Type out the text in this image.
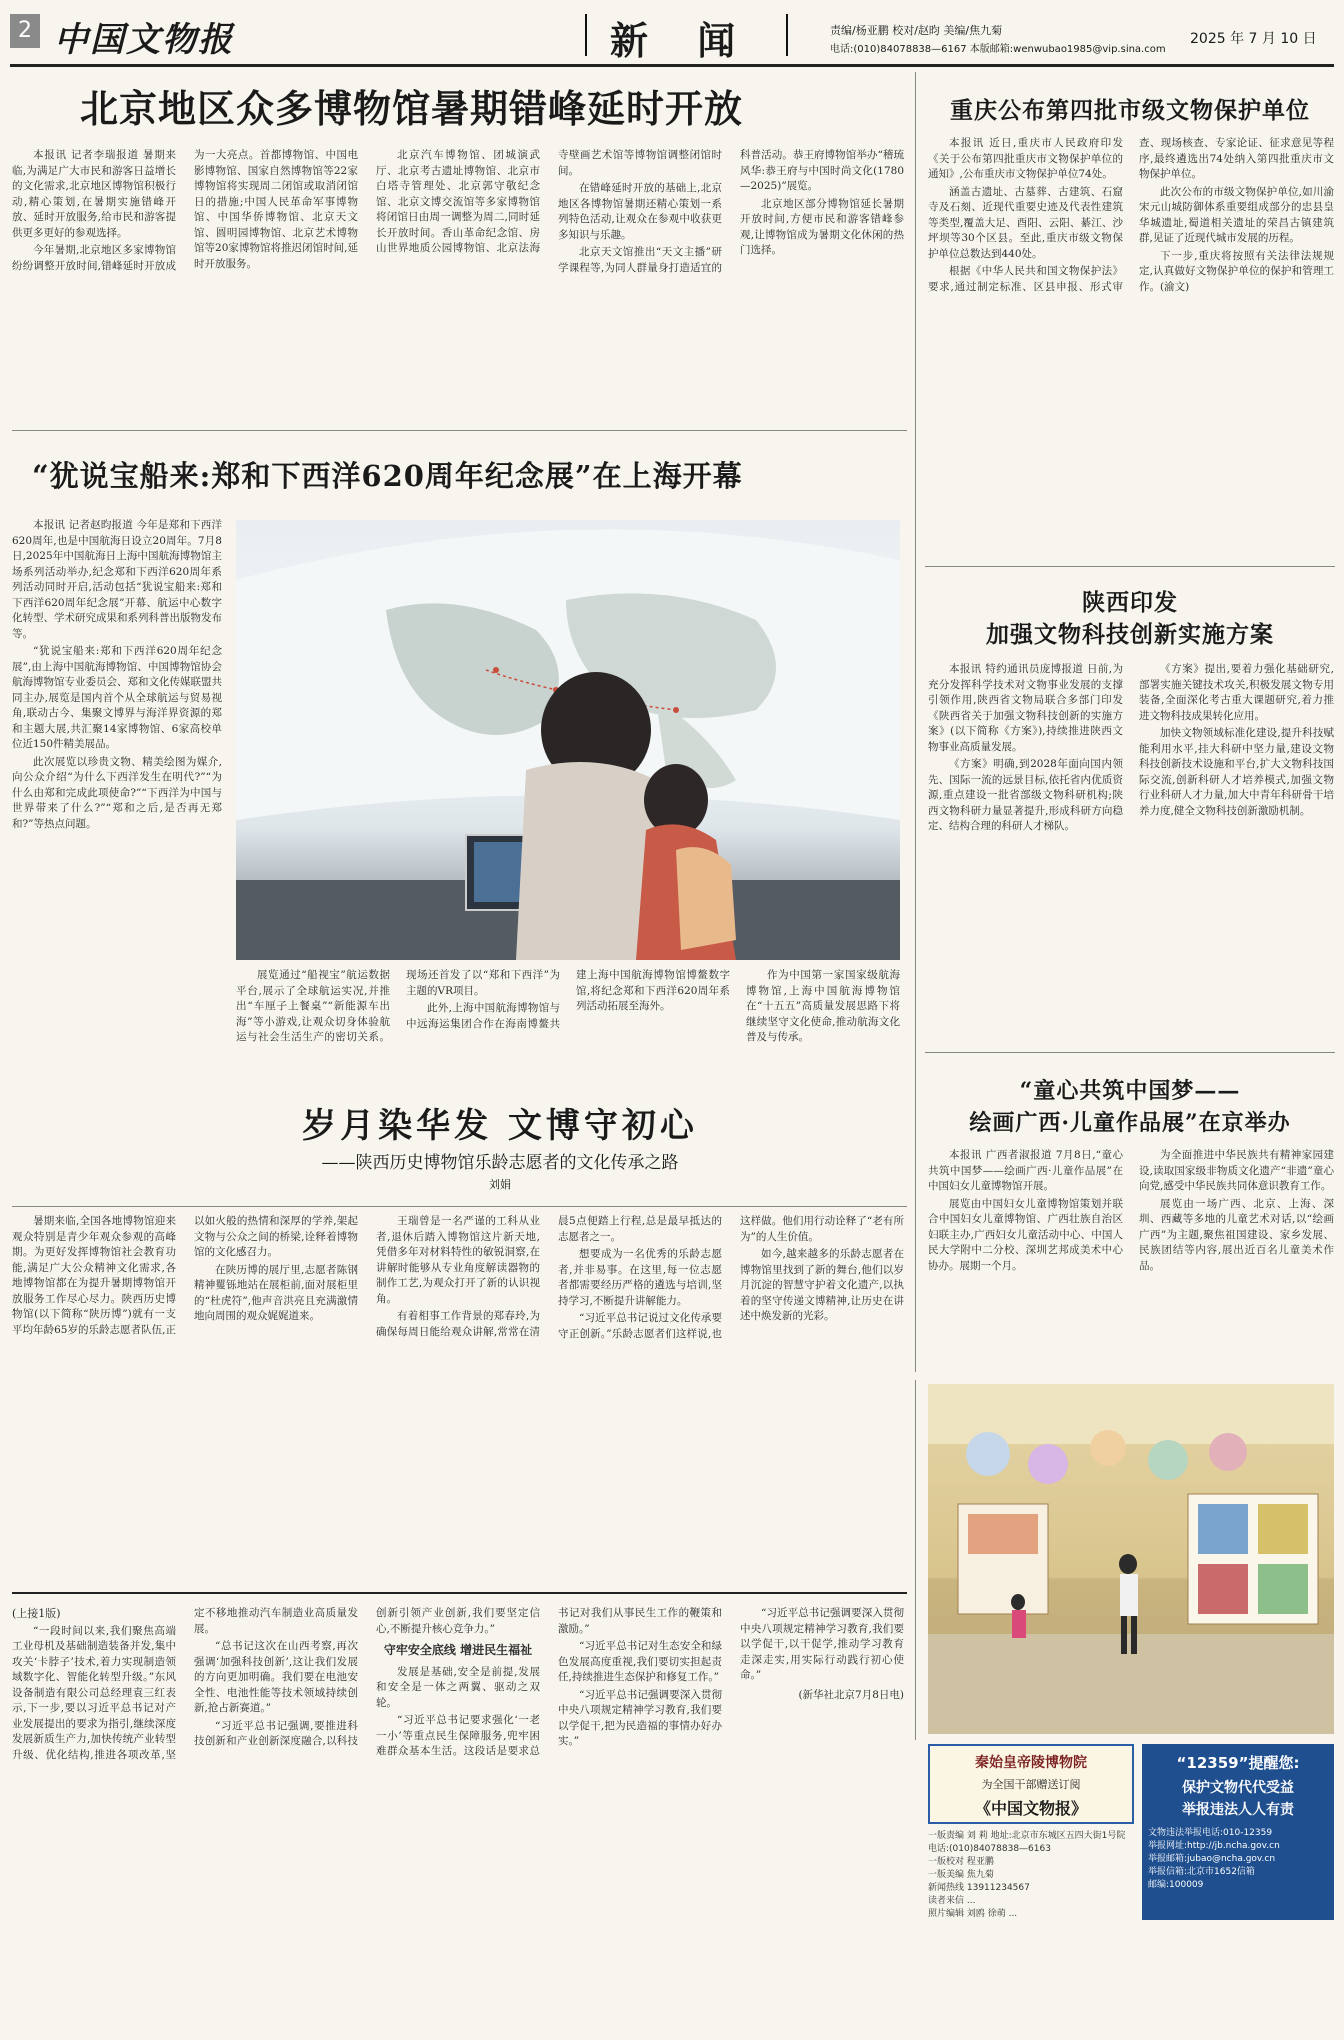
2 中国文物报	新 闻	责编/杨亚鹏 校对/赵昀 美编/焦九菊
电话:(010)84078838—6167 本版邮箱:wenwubao1985@vip.sina.com
2025 年 7 月 10 日
北京地区众多博物馆暑期错峰延时开放

本报讯 记者李瑞报道 暑期来临,为满足广大市民和游客日益增长的文化需求,北京地区博物馆积极行动,精心策划,在暑期实施错峰开放、延时开放服务,给市民和游客提供更多更好的参观选择。

今年暑期,北京地区多家博物馆纷纷调整开放时间,错峰延时开放成为一大亮点。首都博物馆、中国电影博物馆、国家自然博物馆等22家博物馆将实现周二闭馆或取消闭馆日的措施;中国人民革命军事博物馆、中国华侨博物馆、北京天文馆、圆明园博物馆、北京艺术博物馆等20家博物馆将推迟闭馆时间,延时开放服务。

北京汽车博物馆、团城演武厅、北京考古遗址博物馆、北京市白塔寺管理处、北京郭守敬纪念馆、北京文博交流馆等多家博物馆将闭馆日由周一调整为周二,同时延长开放时间。香山革命纪念馆、房山世界地质公园博物馆、北京法海寺壁画艺术馆等博物馆调整闭馆时间。

在错峰延时开放的基础上,北京地区各博物馆暑期还精心策划一系列特色活动,让观众在参观中收获更多知识与乐趣。

北京天文馆推出“天文主播”研学课程等,为同人群量身打造适宜的科普活动。恭王府博物馆举办“稽琉风华:恭王府与中国时尚文化(1780—2025)”展览。

北京地区部分博物馆延长暑期开放时间,方便市民和游客错峰参观,让博物馆成为暑期文化休闲的热门选择。

重庆公布第四批市级文物保护单位

本报讯 近日,重庆市人民政府印发《关于公布第四批重庆市文物保护单位的通知》,公布重庆市文物保护单位74处。

涵盖古遗址、古墓葬、古建筑、石窟寺及石刻、近现代重要史迹及代表性建筑等类型,覆盖大足、酉阳、云阳、綦江、沙坪坝等30个区县。至此,重庆市级文物保护单位总数达到440处。

根据《中华人民共和国文物保护法》要求,通过制定标准、区县申报、形式审查、现场核查、专家论证、征求意见等程序,最终遴选出74处纳入第四批重庆市文物保护单位。

此次公布的市级文物保护单位,如川渝宋元山城防御体系重要组成部分的忠县皇华城遗址,蜀道相关遗址的荣昌古镇建筑群,见证了近现代城市发展的历程。

下一步,重庆将按照有关法律法规规定,认真做好文物保护单位的保护和管理工作。(渝文)

“犹说宝船来:郑和下西洋620周年纪念展”在上海开幕

本报讯 记者赵昀报道 今年是郑和下西洋620周年,也是中国航海日设立20周年。7月8日,2025年中国航海日上海中国航海博物馆主场系列活动举办,纪念郑和下西洋620周年系列活动同时开启,活动包括“犹说宝船来:郑和下西洋620周年纪念展”开幕、航运中心数字化转型、学术研究成果和系列科普出版物发布等。

“犹说宝船来:郑和下西洋620周年纪念展”,由上海中国航海博物馆、中国博物馆协会航海博物馆专业委员会、郑和文化传媒联盟共同主办,展览是国内首个从全球航运与贸易视角,联动古今、集聚文博界与海洋界资源的郑和主题大展,共汇聚14家博物馆、6家高校单位近150件精美展品。

此次展览以珍贵文物、精美绘图为媒介,向公众介绍“为什么下西洋发生在明代?”“为什么由郑和完成此项使命?”“下西洋为中国与世界带来了什么?”“郑和之后,是否再无郑和?”等热点问题。

展览通过“船视宝”航运数据平台,展示了全球航运实况,并推出“车厘子上餐桌”“新能源车出海”等小游戏,让观众切身体验航运与社会生活生产的密切关系。现场还首发了以“郑和下西洋”为主题的VR项目。

此外,上海中国航海博物馆与中远海运集团合作在海南博鳌共建上海中国航海博物馆博鳌数字馆,将纪念郑和下西洋620周年系列活动拓展至海外。

作为中国第一家国家级航海博物馆,上海中国航海博物馆在“十五五”高质量发展思路下将继续坚守文化使命,推动航海文化普及与传承。

陕西印发
加强文物科技创新实施方案

本报讯 特约通讯员庞博报道 日前,为充分发挥科学技术对文物事业发展的支撑引领作用,陕西省文物局联合多部门印发《陕西省关于加强文物科技创新的实施方案》(以下简称《方案》),持续推进陕西文物事业高质量发展。

《方案》明确,到2028年面向国内领先、国际一流的远景目标,依托省内优质资源,重点建设一批省部级文物科研机构;陕西文物科研力量显著提升,形成科研方向稳定、结构合理的科研人才梯队。

《方案》提出,要着力强化基础研究,部署实施关键技术攻关,积极发展文物专用装备,全面深化考古重大课题研究,着力推进文物科技成果转化应用。

加快文物领域标准化建设,提升科技赋能利用水平,挂大科研中坚力量,建设文物科技创新技术设施和平台,扩大文物科技国际交流,创新科研人才培养模式,加强文物行业科研人才力量,加大中青年科研骨干培养力度,健全文物科技创新激励机制。

岁月染华发 文博守初心
——陕西历史博物馆乐龄志愿者的文化传承之路
刘娟

暑期来临,全国各地博物馆迎来观众特别是青少年观众参观的高峰期。为更好发挥博物馆社会教育功能,满足广大公众精神文化需求,各地博物馆都在为提升暑期博物馆开放服务工作尽心尽力。陕西历史博物馆(以下简称“陕历博”)就有一支平均年龄65岁的乐龄志愿者队伍,正以如火般的热情和深厚的学养,架起文物与公众之间的桥梁,诠释着博物馆的文化感召力。

在陕历博的展厅里,志愿者陈钢精神矍铄地站在展柜前,面对展柜里的“杜虎符”,他声音洪亮且充满激情地向周围的观众娓娓道来。

王瑞曾是一名严谨的工科从业者,退休后踏入博物馆这片新天地,凭借多年对材料特性的敏锐洞察,在讲解时能够从专业角度解读器物的制作工艺,为观众打开了新的认识视角。

有着相事工作背景的郑春玲,为确保每周日能给观众讲解,常常在清晨5点便踏上行程,总是最早抵达的志愿者之一。

想要成为一名优秀的乐龄志愿者,并非易事。在这里,每一位志愿者都需要经历严格的遴选与培训,坚持学习,不断提升讲解能力。

“习近平总书记说过文化传承要守正创新。”乐龄志愿者们这样说,也这样做。他们用行动诠释了“老有所为”的人生价值。

如今,越来越多的乐龄志愿者在博物馆里找到了新的舞台,他们以岁月沉淀的智慧守护着文化遗产,以执着的坚守传递文博精神,让历史在讲述中焕发新的光彩。

“童心共筑中国梦——
绘画广西·儿童作品展”在京举办

本报讯 广西者淑报道 7月8日,“童心共筑中国梦——绘画广西·儿童作品展”在中国妇女儿童博物馆开展。

展览由中国妇女儿童博物馆策划并联合中国妇女儿童博物馆、广西壮族自治区妇联主办,广西妇女儿童活动中心、中国人民大学附中二分校、深圳艺邦成美术中心协办。展期一个月。

为全面推进中华民族共有精神家园建设,读取国家级非物质文化遗产“非遗”童心向党,感受中华民族共同体意识教育工作。

展览由一场广西、北京、上海、深圳、西藏等多地的儿童艺术对话,以“绘画广西”为主题,聚焦祖国建设、家乡发展、民族团结等内容,展出近百名儿童美术作品。

(上接1版)

“一段时间以来,我们聚焦高端工业母机及基础制造装备并发,集中攻关‘卡脖子’技术,着力实现制造领域数字化、智能化转型升级。”东风设备制造有限公司总经理袁三红表示,下一步,要以习近平总书记对产业发展提出的要求为指引,继续深度发展新质生产力,加快传统产业转型升级、优化结构,推进各项改革,坚定不移地推动汽车制造业高质量发展。

“总书记这次在山西考察,再次强调‘加强科技创新’,这让我们发展的方向更加明确。我们要在电池安全性、电池性能等技术领域持续创新,抢占新赛道。”

“习近平总书记强调,要推进科技创新和产业创新深度融合,以科技创新引领产业创新,我们要坚定信心,不断提升核心竞争力。”

守牢安全底线 增进民生福祉

发展是基础,安全是前提,发展和安全是一体之两翼、驱动之双轮。

“习近平总书记要求强化‘一老一小’等重点民生保障服务,兜牢困难群众基本生活。这段话是要求总书记对我们从事民生工作的鞭策和激励。”

“习近平总书记对生态安全和绿色发展高度重视,我们要切实担起责任,持续推进生态保护和修复工作。”

“习近平总书记强调要深入贯彻中央八项规定精神学习教育,我们要以学促干,把为民造福的事情办好办实。”

“习近平总书记强调要深入贯彻中央八项规定精神学习教育,我们要以学促干,以干促学,推动学习教育走深走实,用实际行动践行初心使命。”

(新华社北京7月8日电)
秦始皇帝陵博物院
为全国干部赠送订阅
《中国文物报》
一版责编 刘 莉 地址:北京市东城区五四大街1号院 电话:(010)84078838—6163
一版校对 程亚鹏
一版美编 焦九菊
新闻热线 13911234567
读者来信 ...
照片编辑 刘鸥 徐萌 ...
“12359”提醒您:
保护文物代代受益
举报违法人人有责
文物违法举报电话:010-12359
举报网址:http://jb.ncha.gov.cn
举报邮箱:jubao@ncha.gov.cn
举报信箱:北京市1652信箱
邮编:100009
